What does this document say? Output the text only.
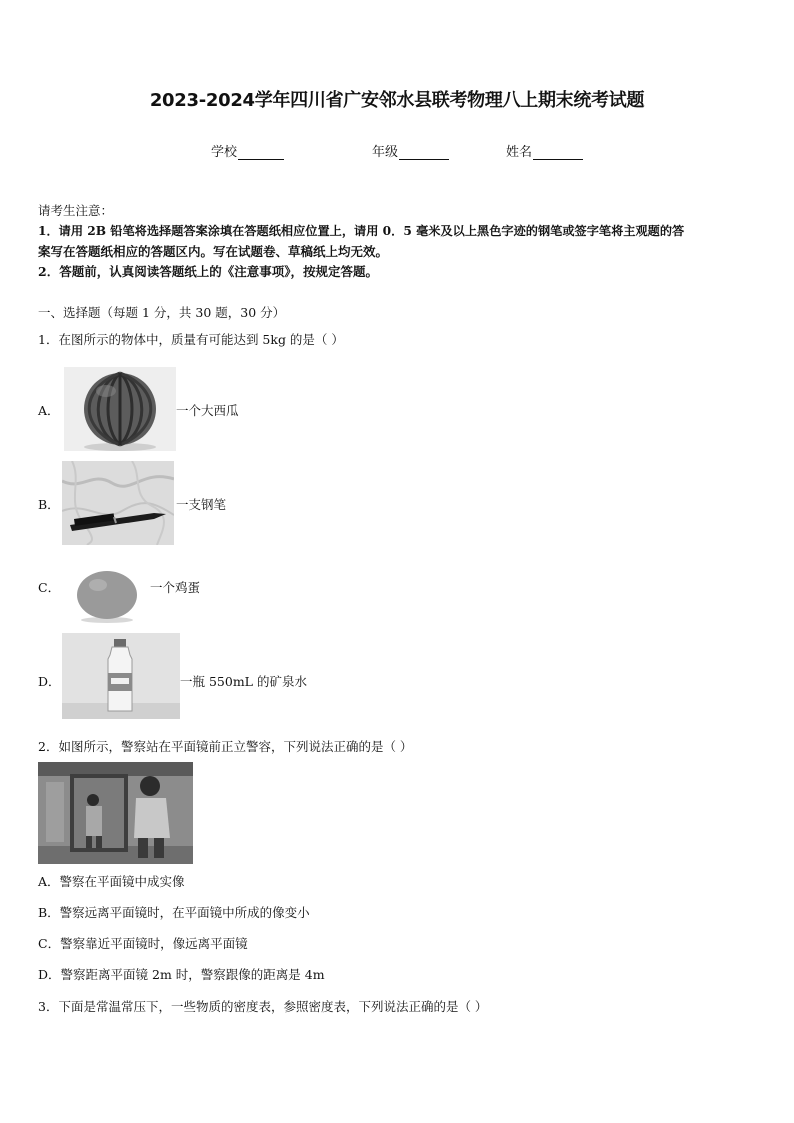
2023-2024学年四川省广安邻水县联考物理八上期末统考试题
学校	年级	姓名
请考生注意：
1．请用 2B 铅笔将选择题答案涂填在答题纸相应位置上，请用 0．5 毫米及以上黑色字迹的钢笔或签字笔将主观题的答
案写在答题纸相应的答题区内。写在试题卷、草稿纸上均无效。
2．答题前，认真阅读答题纸上的《注意事项》，按规定答题。
一、选择题（每题 1 分，共 30 题，30 分）
1．在图所示的物体中，质量有可能达到 5kg 的是（ ）
A．	一个大西瓜
B．	一支钢笔
C．	一个鸡蛋
D．	一瓶 550mL 的矿泉水
2．如图所示，警察站在平面镜前正立警容，下列说法正确的是（ ）
A．警察在平面镜中成实像
B．警察远离平面镜时，在平面镜中所成的像变小
C．警察靠近平面镜时，像远离平面镜
D．警察距离平面镜 2m 时，警察跟像的距离是 4m
3．下面是常温常压下，一些物质的密度表，参照密度表，下列说法正确的是（ ）
